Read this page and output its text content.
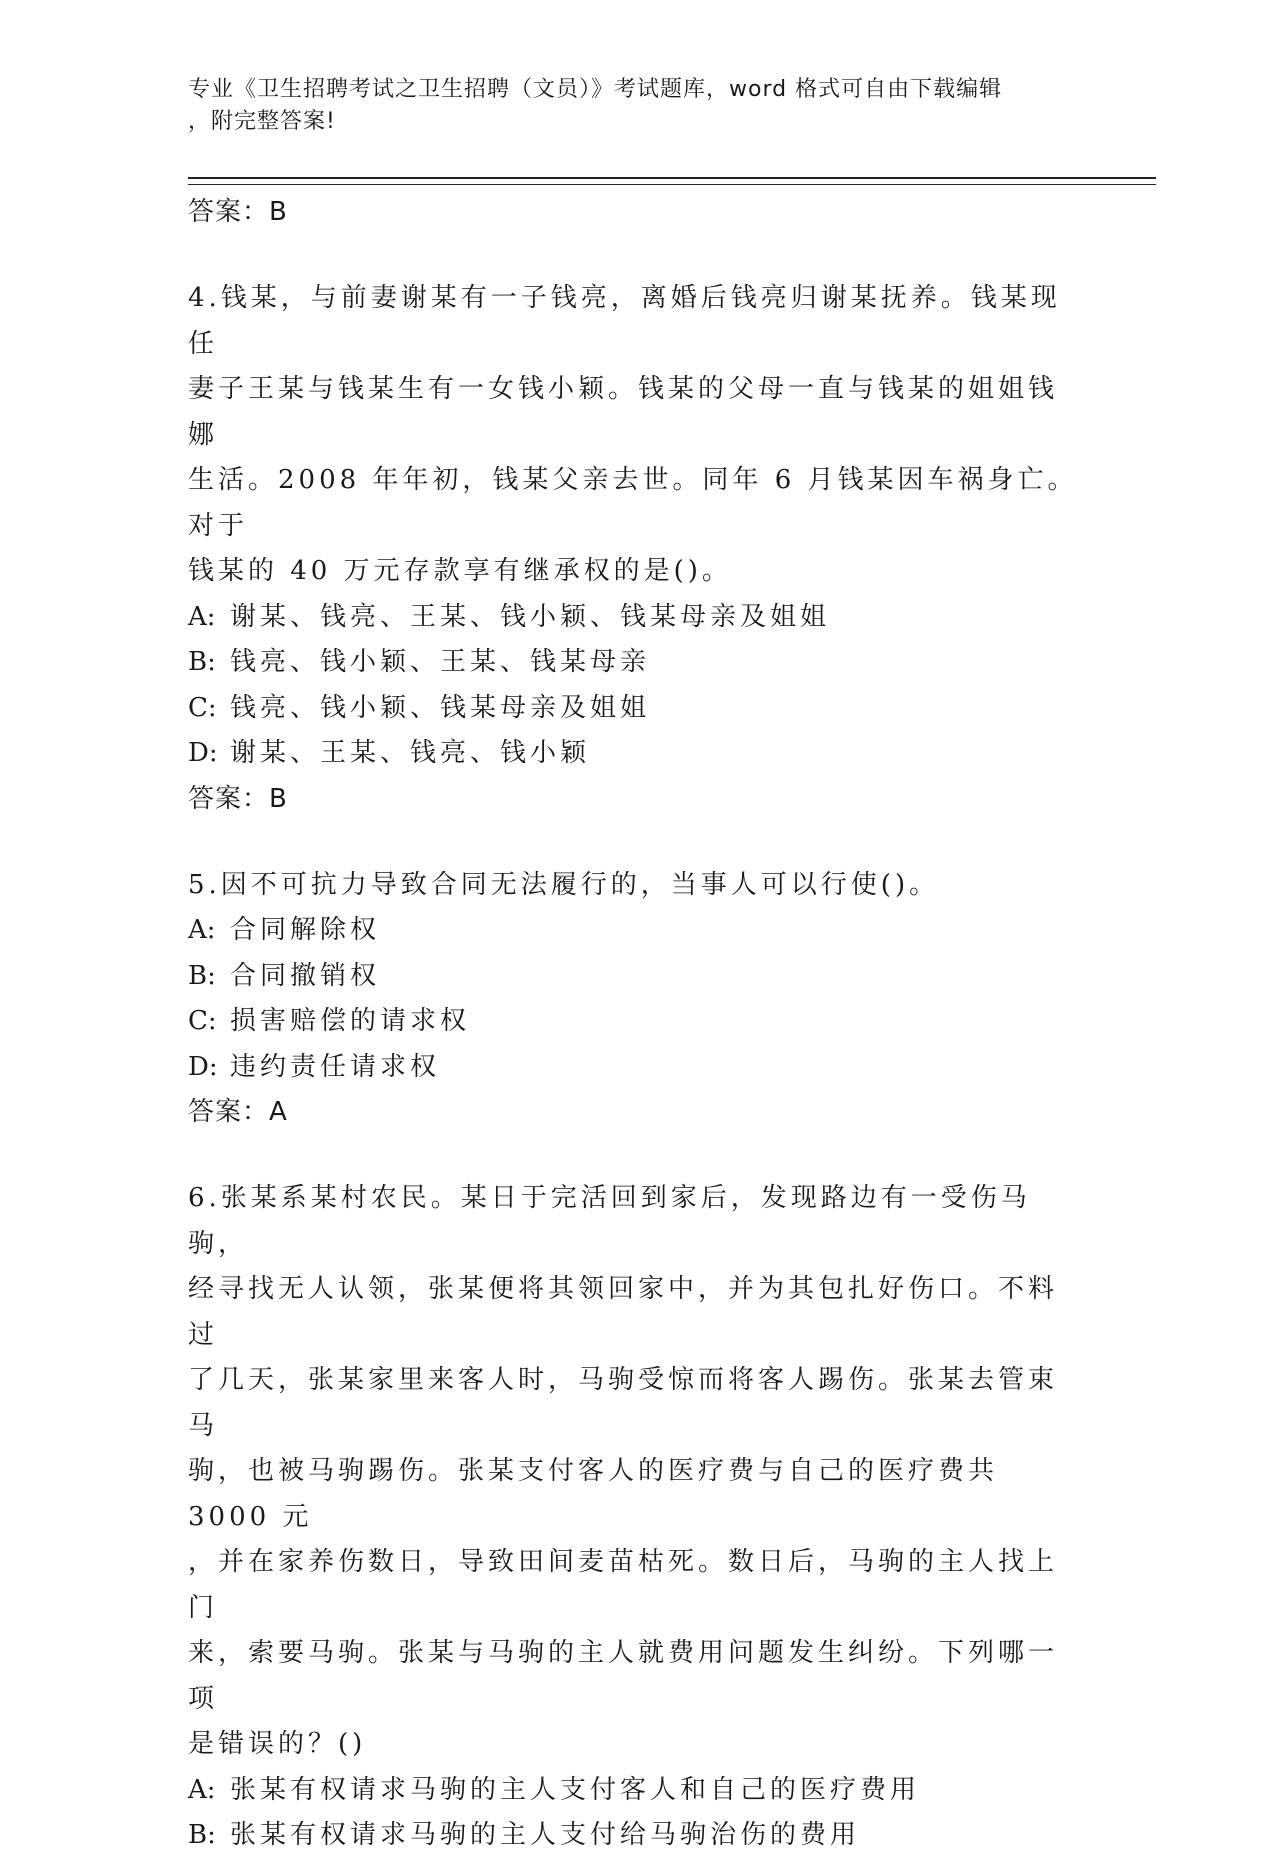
专业《卫生招聘考试之卫生招聘（文员）》考试题库，word 格式可自由下载编辑
，附完整答案!
答案：B
4.钱某，与前妻谢某有一子钱亮，离婚后钱亮归谢某抚养。钱某现任
妻子王某与钱某生有一女钱小颖。钱某的父母一直与钱某的姐姐钱娜
生活。2008 年年初，钱某父亲去世。同年 6 月钱某因车祸身亡。对于
钱某的 40 万元存款享有继承权的是()。
A: 谢某、钱亮、王某、钱小颖、钱某母亲及姐姐
B: 钱亮、钱小颖、王某、钱某母亲
C: 钱亮、钱小颖、钱某母亲及姐姐
D: 谢某、王某、钱亮、钱小颖
答案：B
5.因不可抗力导致合同无法履行的，当事人可以行使()。
A: 合同解除权
B: 合同撤销权
C: 损害赔偿的请求权
D: 违约责任请求权
答案：A
6.张某系某村农民。某日于完活回到家后，发现路边有一受伤马驹，
经寻找无人认领，张某便将其领回家中，并为其包扎好伤口。不料过
了几天，张某家里来客人时，马驹受惊而将客人踢伤。张某去管束马
驹，也被马驹踢伤。张某支付客人的医疗费与自己的医疗费共 3000 元
，并在家养伤数日，导致田间麦苗枯死。数日后，马驹的主人找上门
来，索要马驹。张某与马驹的主人就费用问题发生纠纷。下列哪一项
是错误的？()
A: 张某有权请求马驹的主人支付客人和自己的医疗费用
B: 张某有权请求马驹的主人支付给马驹治伤的费用
